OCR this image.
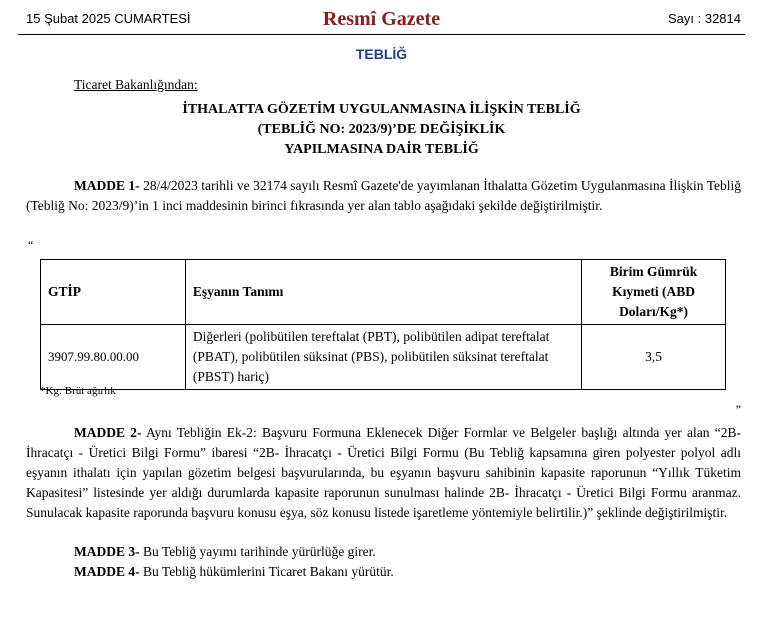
15 Şubat 2025 CUMARTESİ	Resmî Gazete	Sayı : 32814
TEBLİĞ
Ticaret Bakanlığından:
İTHALATTA GÖZETİM UYGULANMASINA İLİŞKİN TEBLİĞ
(TEBLİĞ NO: 2023/9)’DE DEĞİŞİKLİK
YAPILMASINA DAİR TEBLİĞ
MADDE 1- 28/4/2023 tarihli ve 32174 sayılı Resmî Gazete'de yayımlanan İthalatta Gözetim Uygulanmasına İlişkin Tebliğ (Tebliğ No: 2023/9)’in 1 inci maddesinin birinci fıkrasında yer alan tablo aşağıdaki şekilde değiştirilmiştir.
“
GTİP	Eşyanın Tanımı	Birim Gümrük Kıymeti (ABD Doları/Kg*)
3907.99.80.00.00	Diğerleri (polibütilen tereftalat (PBT), polibütilen adipat tereftalat (PBAT), polibütilen süksinat (PBS), polibütilen süksinat tereftalat (PBST) hariç)	3,5
*Kg: Brüt ağırlık
”
MADDE 2- Aynı Tebliğin Ek-2: Başvuru Formuna Eklenecek Diğer Formlar ve Belgeler başlığı altında yer alan “2B- İhracatçı - Üretici Bilgi Formu” ibaresi “2B- İhracatçı - Üretici Bilgi Formu (Bu Tebliğ kapsamına giren polyester polyol adlı eşyanın ithalatı için yapılan gözetim belgesi başvurularında, bu eşyanın başvuru sahibinin kapasite raporunun “Yıllık Tüketim Kapasitesi” listesinde yer aldığı durumlarda kapasite raporunun sunulması halinde 2B- İhracatçı - Üretici Bilgi Formu aranmaz. Sunulacak kapasite raporunda başvuru konusu eşya, söz konusu listede işaretleme yöntemiyle belirtilir.)” şeklinde değiştirilmiştir.
MADDE 3- Bu Tebliğ yayımı tarihinde yürürlüğe girer.
MADDE 4- Bu Tebliğ hükümlerini Ticaret Bakanı yürütür.
